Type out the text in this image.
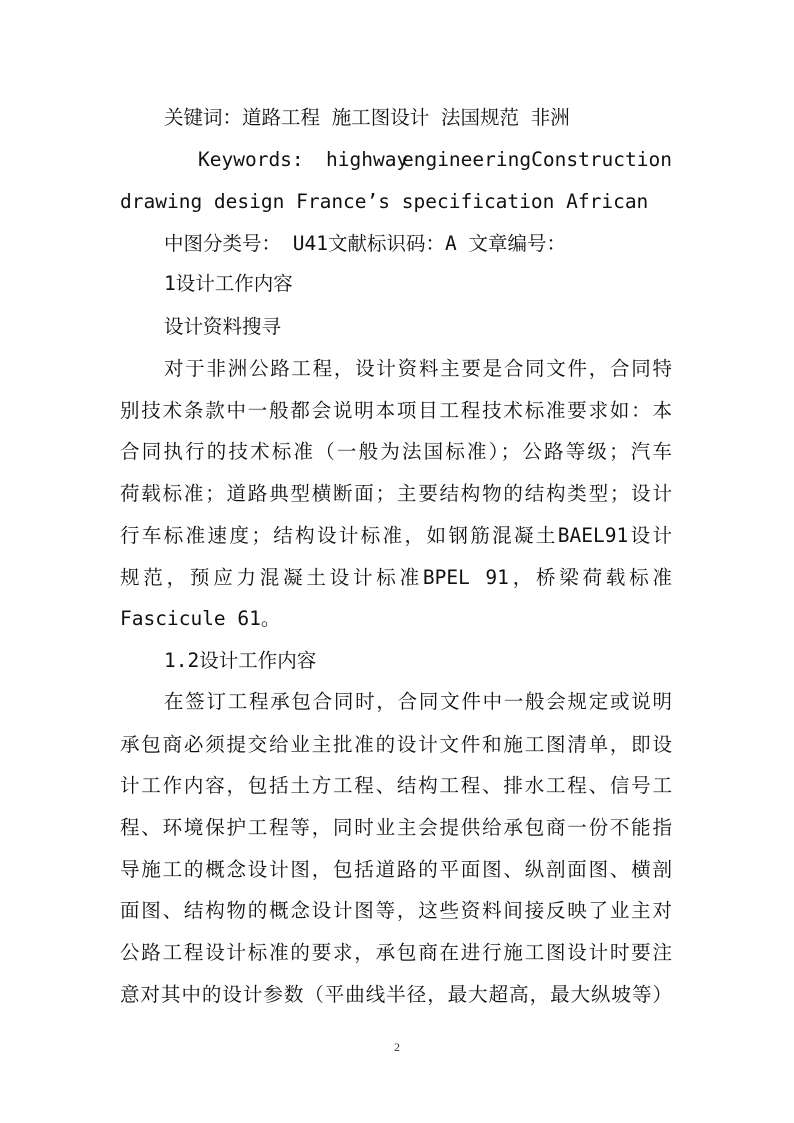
关键词：道路工程 施工图设计 法国规范 非洲
Keywords: highway
engineeringConstruction
drawing design France’s specification African
中图分类号： U41文献标识码：A 文章编号：
1设计工作内容
设计资料搜寻
对于非洲公路工程，设计资料主要是合同文件，合同特
别技术条款中一般都会说明本项目工程技术标准要求如：本
合同执行的技术标准（一般为法国标准）；公路等级；汽车
荷载标准；道路典型横断面；主要结构物的结构类型；设计
行车标准速度；结构设计标准，如钢筋混凝土BAEL91设计
规范，预应力混凝土设计标准BPEL 91，桥梁荷载标准
Fascicule 61。
1.2设计工作内容
在签订工程承包合同时，合同文件中一般会规定或说明
承包商必须提交给业主批准的设计文件和施工图清单，即设
计工作内容，包括土方工程、结构工程、排水工程、信号工
程、环境保护工程等，同时业主会提供给承包商一份不能指
导施工的概念设计图，包括道路的平面图、纵剖面图、横剖
面图、结构物的概念设计图等，这些资料间接反映了业主对
公路工程设计标准的要求，承包商在进行施工图设计时要注
意对其中的设计参数（平曲线半径，最大超高，最大纵坡等）
2
